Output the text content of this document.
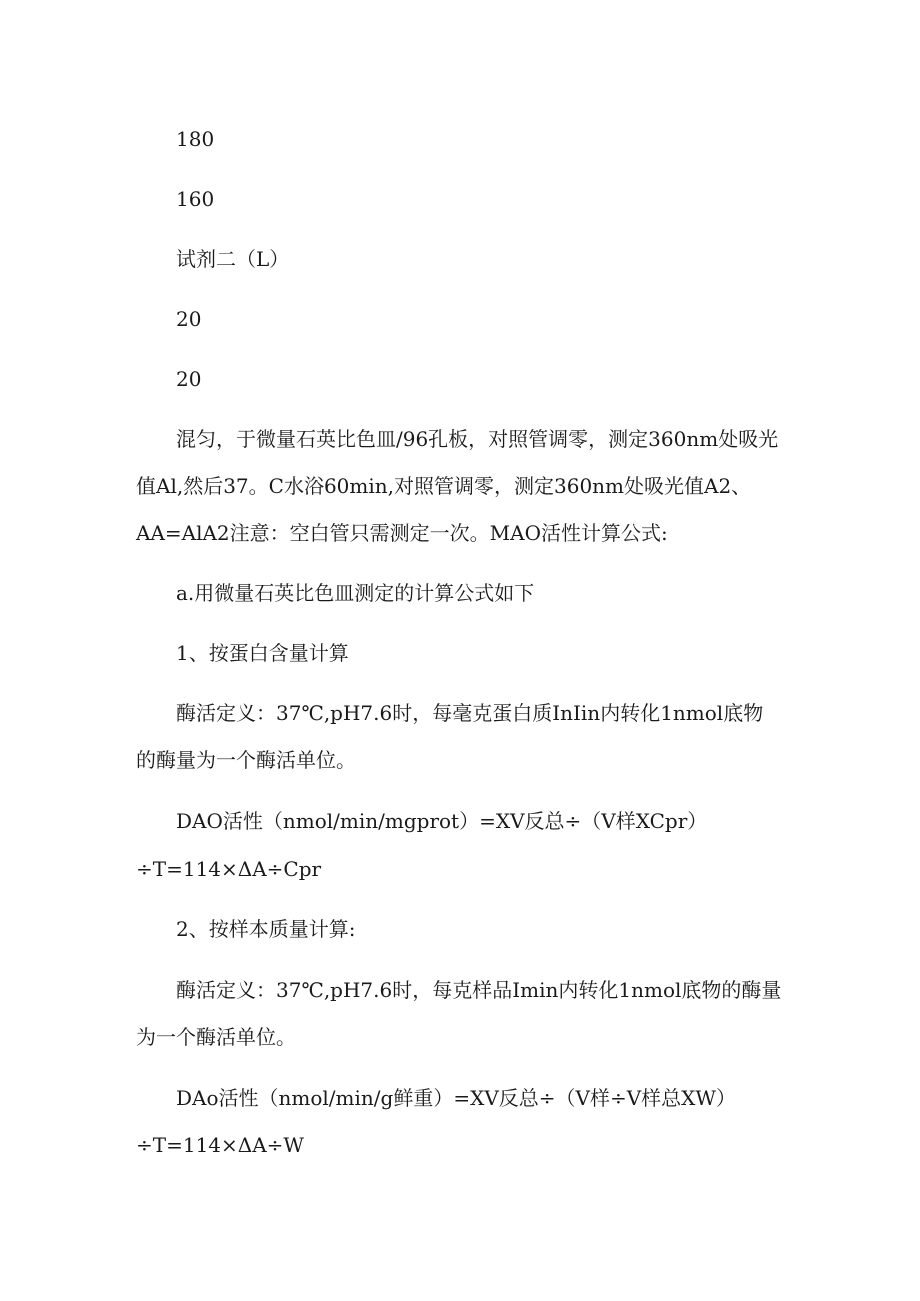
180
160
试剂二（L）
20
20
混匀，于微量石英比色皿/96孔板，对照管调零，测定360nm处吸光
值Al,然后37。C水浴60min,对照管调零，测定360nm处吸光值A2、
AA=AlA2注意：空白管只需测定一次。MAO活性计算公式:
a.用微量石英比色皿测定的计算公式如下
1、按蛋白含量计算
酶活定义：37℃,pH7.6时，每毫克蛋白质InIin内转化1nmol底物
的酶量为一个酶活单位。
DAO活性（nmol/min/mgprot）=XV反总÷（V样XCpr）
÷T=114×ΔA÷Cpr
2、按样本质量计算:
酶活定义：37℃,pH7.6时，每克样品Imin内转化1nmol底物的酶量
为一个酶活单位。
DAo活性（nmol/min/g鲜重）=XV反总÷（V样÷V样总XW）
÷T=114×ΔA÷W
